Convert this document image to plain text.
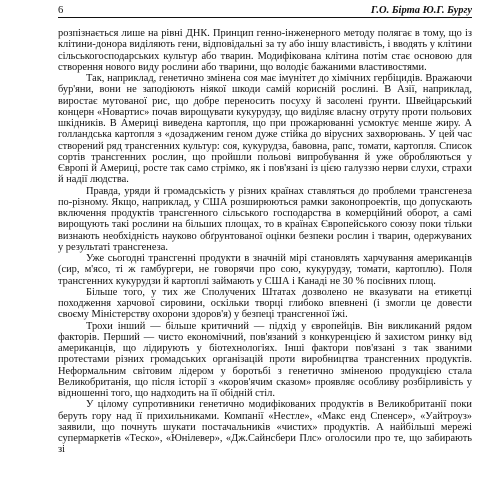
6	Г.О. Бірта Ю.Г. Бургу

розпізнається лише на рівні ДНК. Принцип генно-інженерного методу полягає в тому, що із клітини-донора виділяють гени, відповідальні за ту або іншу властивість, і вводять у клітини сільськогосподарських культур або тварин. Модифікована клітина потім стає основою для створення нового виду рослини або тварини, що володіє бажаними властивостями.

Так, наприклад, генетично змінена соя має імунітет до хімічних гербіцидів. Вражаючи бур'яни, вони не заподіюють ніякої шкоди самій корисній рослині. В Азії, наприклад, виростає мутованої рис, що добре переносить посуху й засолені ґрунти. Швейцарський концерн «Новартис» почав вирощувати кукурудзу, що виділяє власну отруту проти польових шкідників. В Америці виведена картопля, що при прожарюванні усмоктує менше жиру. А голландська картопля з «дозадженим геном дуже стійка до вірусних захворювань. У цей час створений ряд трансгенних культур: соя, кукурудза, бавовна, рапс, томати, картопля. Список сортів трансгенних рослин, що пройшли польові випробування й уже обробляються у Європі й Америці, росте так само стрімко, як і пов'язані із цією галуззю нерви слухи, страхи й надії людства.

Правда, уряди й громадськість у різних країнах ставляться до проблеми трансгенеза по-різному. Якщо, наприклад, у США розширюються рамки законопроектів, що допускають включення продуктів трансгенного сільського господарства в комерційний оборот, а самі вирощують такі рослини на більших площах, то в країнах Європейського союзу поки тільки визнають необхідність науково обґрунтованої оцінки безпеки рослин і тварин, одержуваних у результаті трансгенеза.

Уже сьогодні трансгенні продукти в значній мірі становлять харчування американців (сир, м'ясо, ті ж гамбургери, не говорячи про сою, кукурудзу, томати, картоплю). Поля трансгенних кукурудзи й картоплі займають у США і Канаді не 30 % посівних площ.

Більше того, у тих же Сполучених Штатах дозволено не вказувати на етикетці походження харчової сировини, оскільки творці глибоко впевнені (і змогли це довести своєму Міністерству охорони здоров'я) у безпеці трансгенної їжі.

Трохи інший — більше критичний — підхід у європейців. Він викликаний рядом факторів. Перший — чисто економічний, пов'язаний з конкуренцією й захистом ринку від американців, що лідирують у біотехнологіях. Інші фактори пов'язані з так званими протестами різних громадських організацій проти виробництва трансгенних продуктів. Неформальним світовим лідером у боротьбі з генетично зміненою продукцією стала Великобританія, що після історії з «коров'ячим сказом» проявляє особливу розбірливість у відношенні того, що надходить на її обідній стіл.

У цілому супротивники генетично модифікованих продуктів в Великобританії поки беруть гору над її прихильниками. Компанії «Нестле», «Макс енд Спенсер», «Уайтроуз» заявили, що почнуть шукати постачальників «чистих» продуктів. А найбільші мережі супермаркетів «Теско», «Юнілевер», «Дж.Сайнсбери Плс» оголосили про те, що забирають зі
